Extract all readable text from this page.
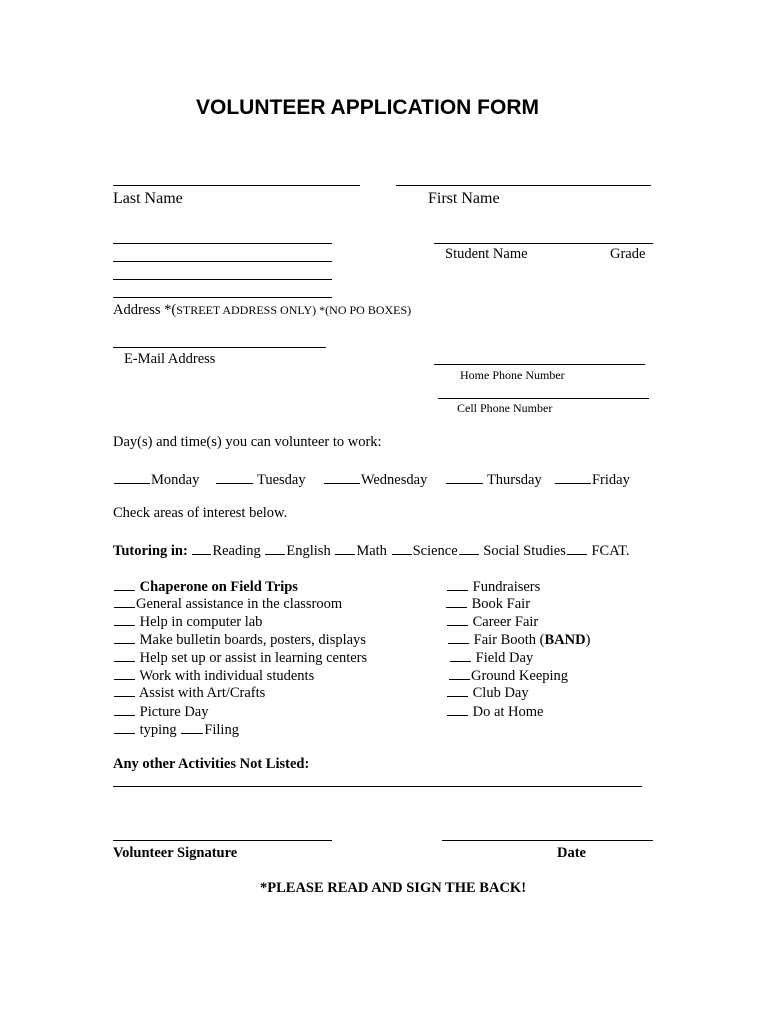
VOLUNTEER APPLICATION FORM
Last Name	First Name
Student Name	Grade
Address *(STREET ADDRESS ONLY) *(NO PO BOXES)
E-Mail Address
Home Phone Number
Cell Phone Number
Day(s) and time(s) you can volunteer to work:
Monday	Tuesday	Wednesday	Thursday	Friday
Check areas of interest below.
Tutoring in: Reading English Math Science Social Studies FCAT.
Chaperone on Field Trips
General assistance in the classroom
Help in computer lab
Make bulletin boards, posters, displays
Help set up or assist in learning centers
Work with individual students
Assist with Art/Crafts
Picture Day
typing Filing
Fundraisers
Book Fair
Career Fair
Fair Booth (BAND)
Field Day
Ground Keeping
Club Day
Do at Home
Any other Activities Not Listed:
Volunteer Signature	Date
*PLEASE READ AND SIGN THE BACK!
